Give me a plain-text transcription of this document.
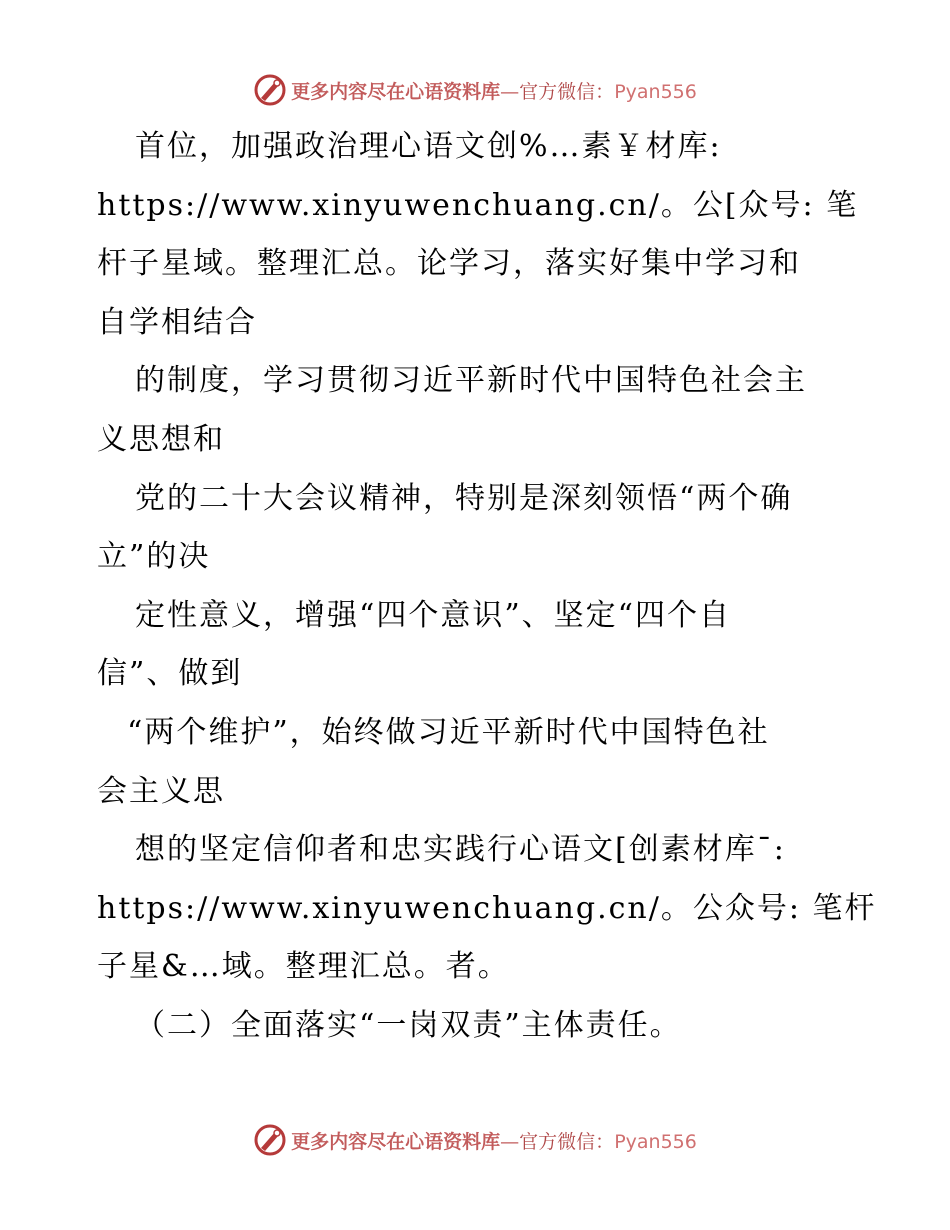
更多内容尽在心语资料库—官方微信：Pyan556
首位，加强政治理心语文创%…素￥材库:
https://www.xinyuwenchuang.cn/。公[众号: 笔
杆子星域。整理汇总。论学习，落实好集中学习和
自学相结合
的制度，学习贯彻习近平新时代中国特色社会主
义思想和
党的二十大会议精神，特别是深刻领悟“两个确
立”的决
定性意义，增强“四个意识”、坚定“四个自
信”、做到
“两个维护”，始终做习近平新时代中国特色社
会主义思
想的坚定信仰者和忠实践行心语文[创素材库¯:
https://www.xinyuwenchuang.cn/。公众号: 笔杆
子星&…域。整理汇总。者。
（二）全面落实“一岗双责”主体责任。
更多内容尽在心语资料库—官方微信：Pyan556
